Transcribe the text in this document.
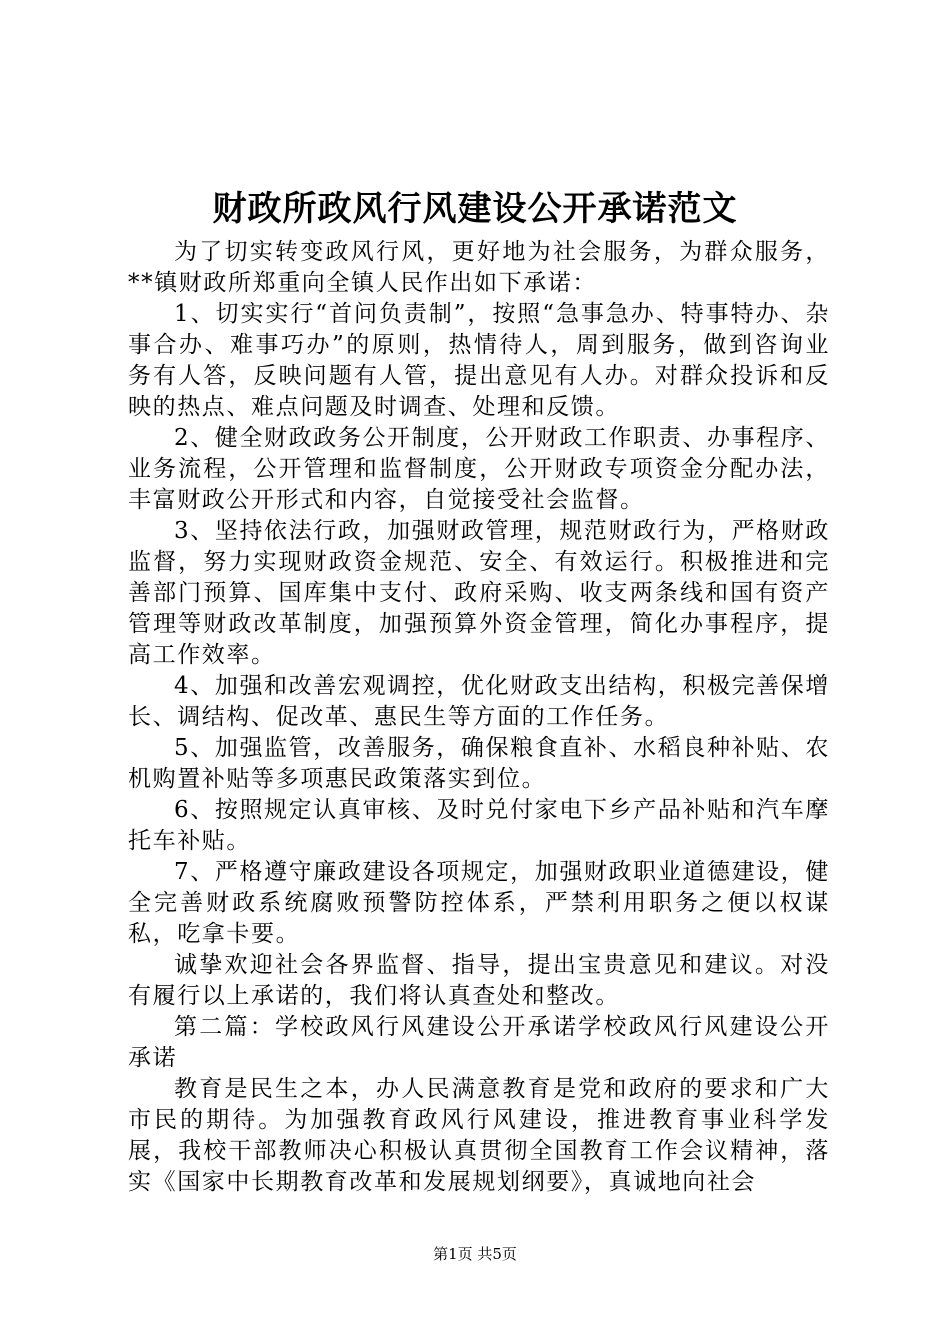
财政所政风行风建设公开承诺范文

为了切实转变政风行风，更好地为社会服务，为群众服务，**镇财政所郑重向全镇人民作出如下承诺：

1、切实实行“首问负责制”，按照“急事急办、特事特办、杂事合办、难事巧办”的原则，热情待人，周到服务，做到咨询业务有人答，反映问题有人管，提出意见有人办。对群众投诉和反映的热点、难点问题及时调查、处理和反馈。

2、健全财政政务公开制度，公开财政工作职责、办事程序、业务流程，公开管理和监督制度，公开财政专项资金分配办法，丰富财政公开形式和内容，自觉接受社会监督。

3、坚持依法行政，加强财政管理，规范财政行为，严格财政监督，努力实现财政资金规范、安全、有效运行。积极推进和完善部门预算、国库集中支付、政府采购、收支两条线和国有资产管理等财政改革制度，加强预算外资金管理，简化办事程序，提高工作效率。

4、加强和改善宏观调控，优化财政支出结构，积极完善保增长、调结构、促改革、惠民生等方面的工作任务。

5、加强监管，改善服务，确保粮食直补、水稻良种补贴、农机购置补贴等多项惠民政策落实到位。

6、按照规定认真审核、及时兑付家电下乡产品补贴和汽车摩托车补贴。

7、严格遵守廉政建设各项规定，加强财政职业道德建设，健全完善财政系统腐败预警防控体系，严禁利用职务之便以权谋私，吃拿卡要。

诚挚欢迎社会各界监督、指导，提出宝贵意见和建议。对没有履行以上承诺的，我们将认真查处和整改。

第二篇：学校政风行风建设公开承诺学校政风行风建设公开承诺

教育是民生之本，办人民满意教育是党和政府的要求和广大市民的期待。为加强教育政风行风建设，推进教育事业科学发展，我校干部教师决心积极认真贯彻全国教育工作会议精神，落实《国家中长期教育改革和发展规划纲要》，真诚地向社会

第1页 共5页
